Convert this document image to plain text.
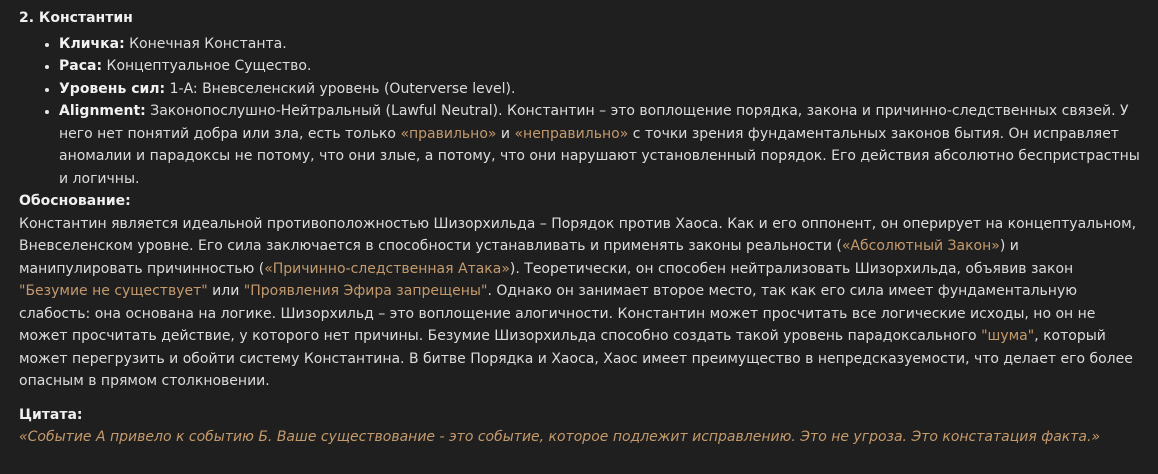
2. Константин
• Кличка: Конечная Константа.
• Раса: Концептуальное Существо.
• Уровень сил: 1-A: Вневселенский уровень (Outerverse level).
• Alignment: Законопослушно-Нейтральный (Lawful Neutral). Константин – это воплощение порядка, закона и причинно-следственных связей. У него нет понятий добра или зла, есть только «правильно» и «неправильно» с точки зрения фундаментальных законов бытия. Он исправляет аномалии и парадоксы не потому, что они злые, а потому, что они нарушают установленный порядок. Его действия абсолютно беспристрастны и логичны.
Обоснование:

Константин является идеальной противоположностью Шизорхильда – Порядок против Хаоса. Как и его оппонент, он оперирует на концептуальном, Вневселенском уровне. Его сила заключается в способности устанавливать и применять законы реальности («Абсолютный Закон») и манипулировать причинностью («Причинно-следственная Атака»). Теоретически, он способен нейтрализовать Шизорхильда, объявив закон "Безумие не существует" или "Проявления Эфира запрещены". Однако он занимает второе место, так как его сила имеет фундаментальную слабость: она основана на логике. Шизорхильд – это воплощение алогичности. Константин может просчитать все логические исходы, но он не может просчитать действие, у которого нет причины. Безумие Шизорхильда способно создать такой уровень парадоксального "шума", который может перегрузить и обойти систему Константина. В битве Порядка и Хаоса, Хаос имеет преимущество в непредсказуемости, что делает его более опасным в прямом столкновении.

Цитата:
«Событие А привело к событию Б. Ваше существование - это событие, которое подлежит исправлению. Это не угроза. Это констатация факта.»
